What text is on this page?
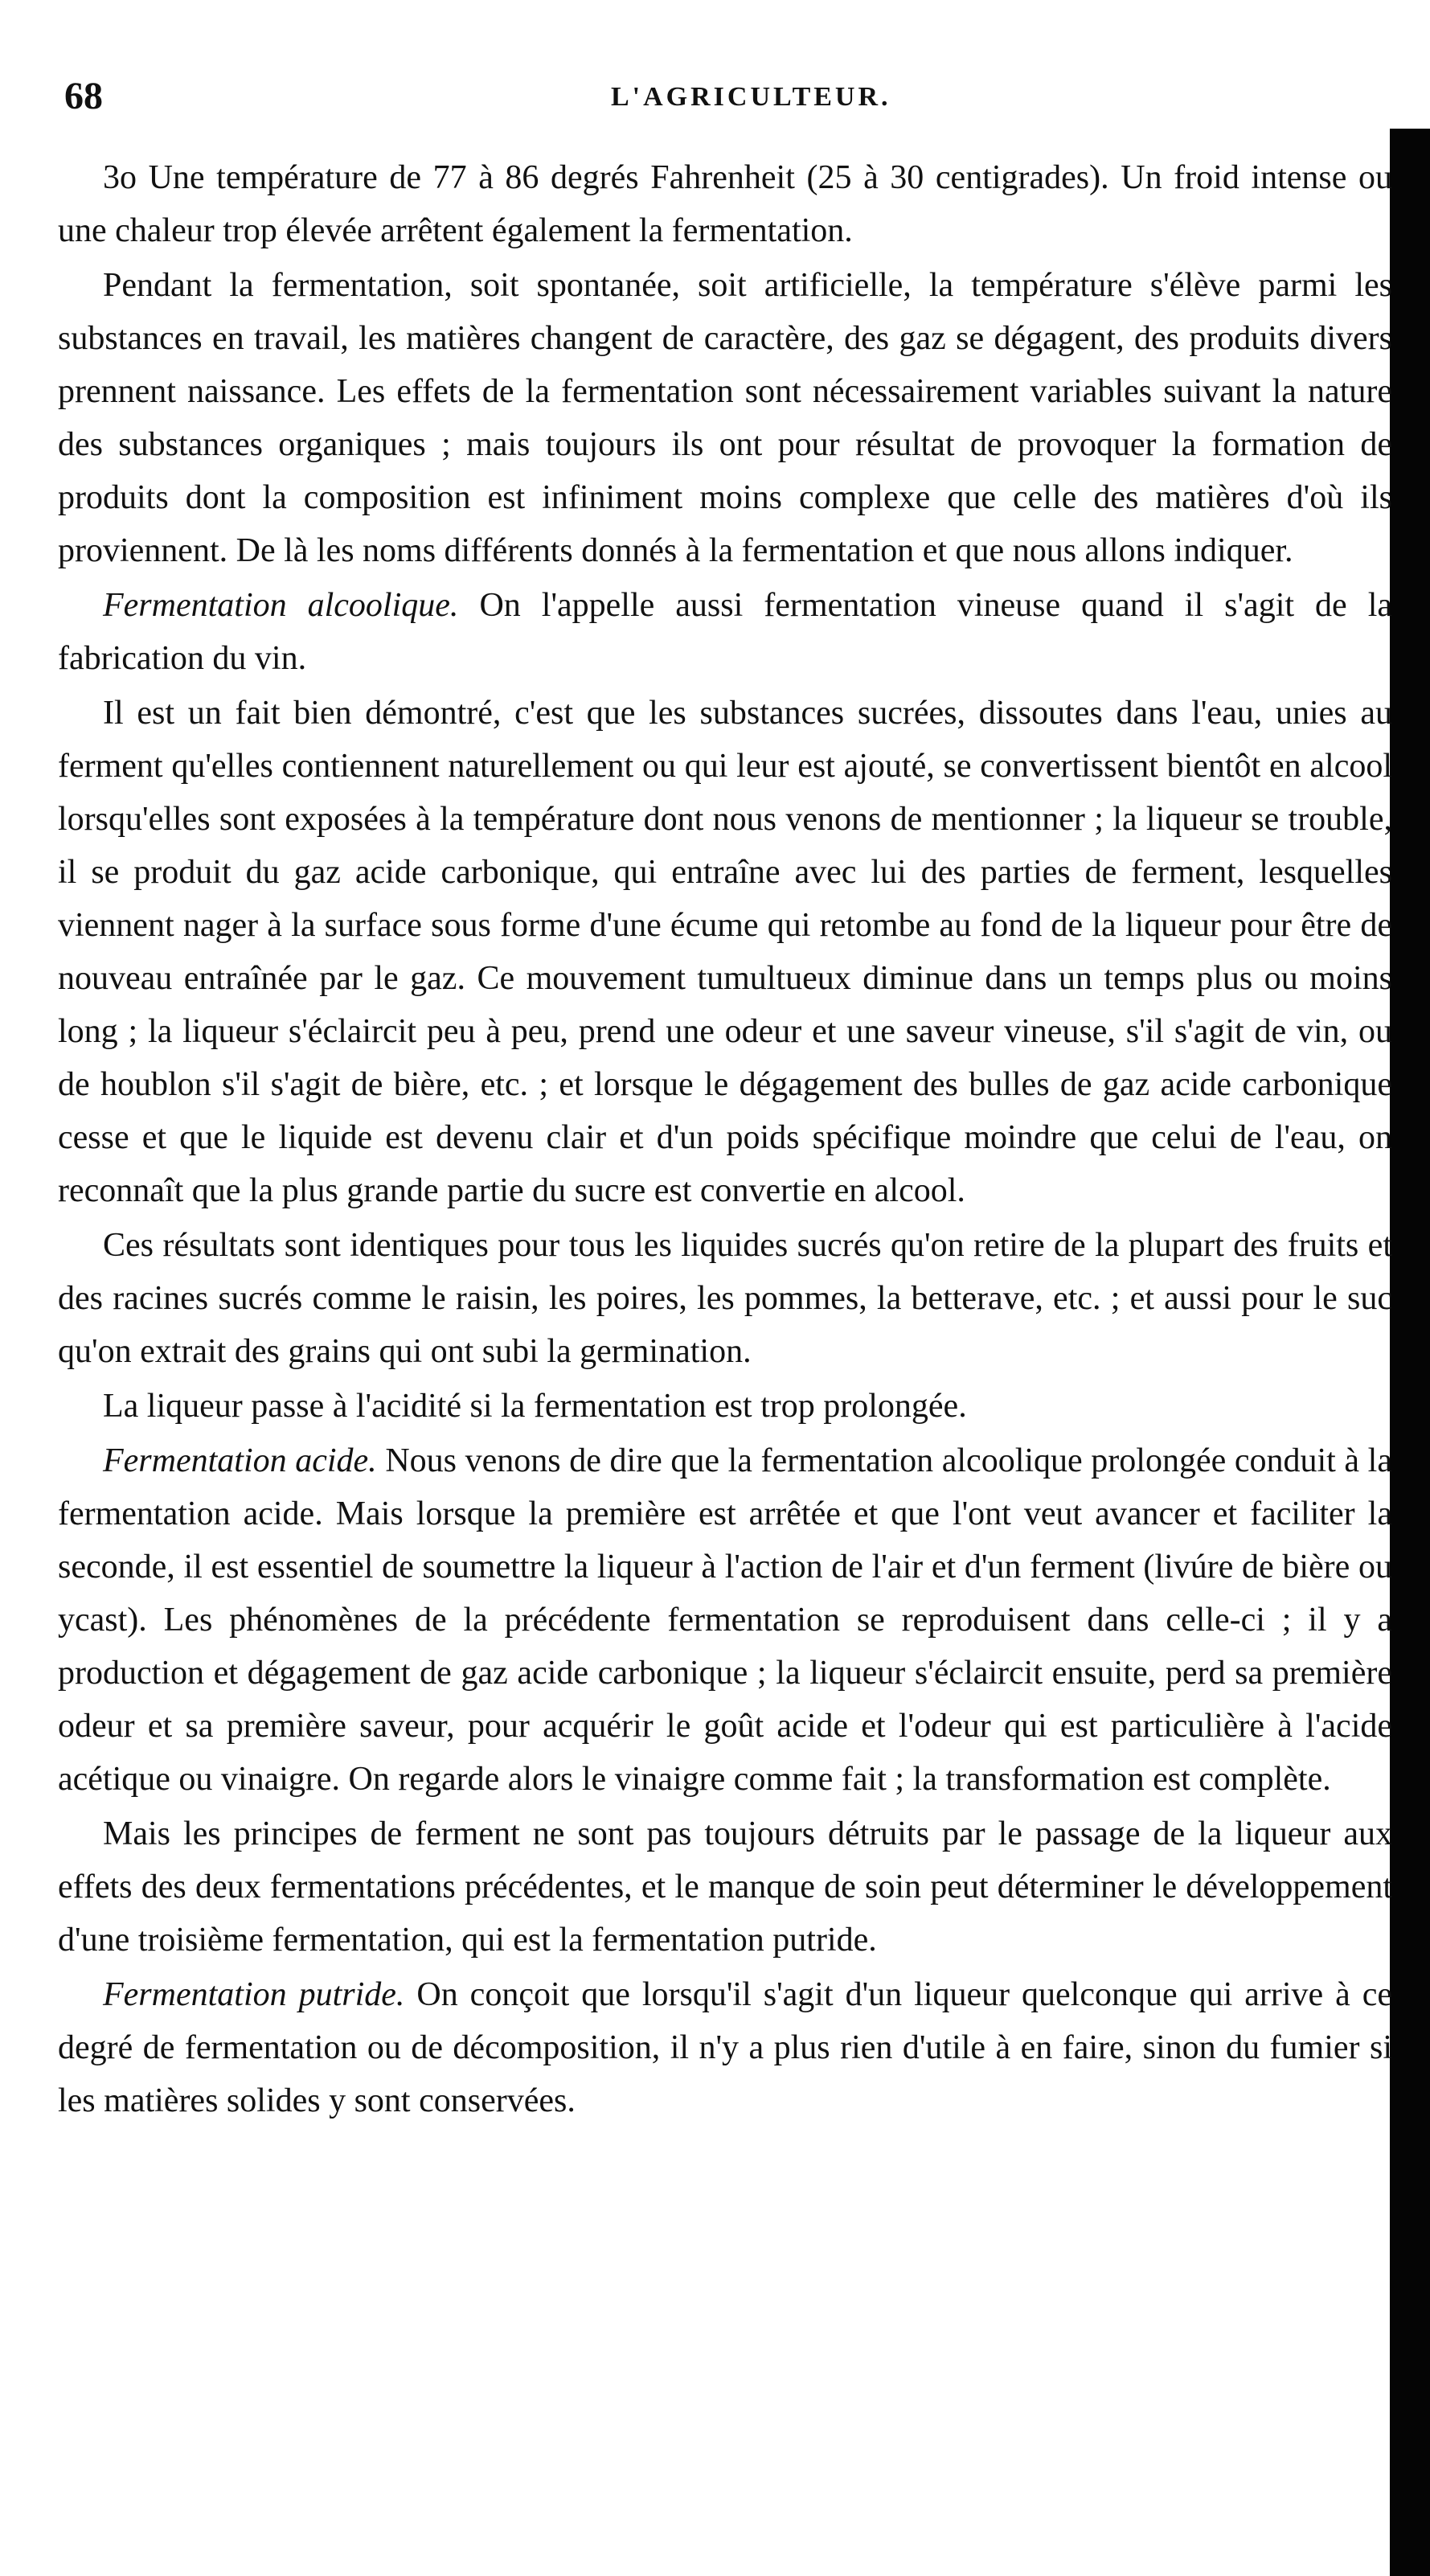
68	L'AGRICULTEUR.

3o Une température de 77 à 86 degrés Fahrenheit (25 à 30 centigrades). Un froid intense ou une chaleur trop élevée arrêtent également la fermentation.

Pendant la fermentation, soit spontanée, soit artificielle, la température s'élève parmi les substances en travail, les matières changent de caractère, des gaz se dégagent, des produits divers prennent naissance. Les effets de la fermentation sont nécessairement variables suivant la nature des substances organiques ; mais toujours ils ont pour résultat de provoquer la formation de produits dont la composition est infiniment moins complexe que celle des matières d'où ils proviennent. De là les noms différents donnés à la fermentation et que nous allons indiquer.

Fermentation alcoolique. On l'appelle aussi fermentation vineuse quand il s'agit de la fabrication du vin.

Il est un fait bien démontré, c'est que les substances sucrées, dissoutes dans l'eau, unies au ferment qu'elles contiennent naturellement ou qui leur est ajouté, se convertissent bientôt en alcool lorsqu'elles sont exposées à la température dont nous venons de mentionner ; la liqueur se trouble, il se produit du gaz acide carbonique, qui entraîne avec lui des parties de ferment, lesquelles viennent nager à la surface sous forme d'une écume qui retombe au fond de la liqueur pour être de nouveau entraînée par le gaz. Ce mouvement tumultueux diminue dans un temps plus ou moins long ; la liqueur s'éclaircit peu à peu, prend une odeur et une saveur vineuse, s'il s'agit de vin, ou de houblon s'il s'agit de bière, etc. ; et lorsque le dégagement des bulles de gaz acide carbonique cesse et que le liquide est devenu clair et d'un poids spécifique moindre que celui de l'eau, on reconnaît que la plus grande partie du sucre est convertie en alcool.

Ces résultats sont identiques pour tous les liquides sucrés qu'on retire de la plupart des fruits et des racines sucrés comme le raisin, les poires, les pommes, la betterave, etc. ; et aussi pour le suc qu'on extrait des grains qui ont subi la germination.

La liqueur passe à l'acidité si la fermentation est trop prolongée.

Fermentation acide. Nous venons de dire que la fermentation alcoolique prolongée conduit à la fermentation acide. Mais lorsque la première est arrêtée et que l'ont veut avancer et faciliter la seconde, il est essentiel de soumettre la liqueur à l'action de l'air et d'un ferment (livúre de bière ou ycast). Les phénomènes de la précédente fermentation se reproduisent dans celle-ci ; il y a production et dégagement de gaz acide carbonique ; la liqueur s'éclaircit ensuite, perd sa première odeur et sa première saveur, pour acquérir le goût acide et l'odeur qui est particulière à l'acide acétique ou vinaigre. On regarde alors le vinaigre comme fait ; la transformation est complète.

Mais les principes de ferment ne sont pas toujours détruits par le passage de la liqueur aux effets des deux fermentations précédentes, et le manque de soin peut déterminer le développement d'une troisième fermentation, qui est la fermentation putride.

Fermentation putride. On conçoit que lorsqu'il s'agit d'un liqueur quelconque qui arrive à ce degré de fermentation ou de décomposition, il n'y a plus rien d'utile à en faire, sinon du fumier si les matières solides y sont conservées.
